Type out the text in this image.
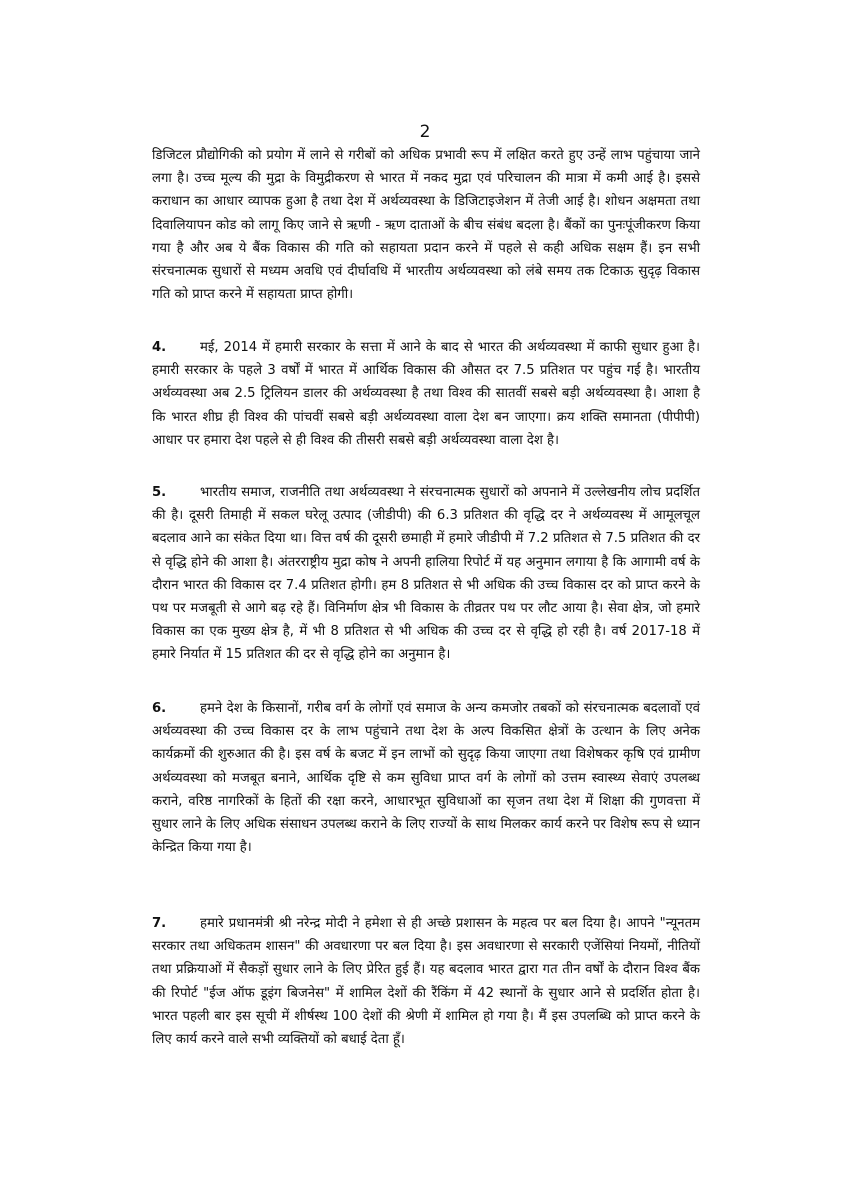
2

डिजिटल प्रौद्योगिकी को प्रयोग में लाने से गरीबों को अधिक प्रभावी रूप में लक्षित करते हुए उन्हें लाभ पहुंचाया जाने लगा है। उच्च मूल्य की मुद्रा के विमुद्रीकरण से भारत में नकद मुद्रा एवं परिचालन की मात्रा में कमी आई है। इससे कराधान का आधार व्यापक हुआ है तथा देश में अर्थव्यवस्था के डिजिटाइजेशन में तेजी आई है। शोधन अक्षमता तथा दिवालियापन कोड को लागू किए जाने से ऋणी - ऋण दाताओं के बीच संबंध बदला है। बैंकों का पुनःपूंजीकरण किया गया है और अब ये बैंक विकास की गति को सहायता प्रदान करने में पहले से कही अधिक सक्षम हैं। इन सभी संरचनात्मक सुधारों से मध्यम अवधि एवं दीर्घावधि में भारतीय अर्थव्यवस्था को लंबे समय तक टिकाऊ सुदृढ़ विकास गति को प्राप्त करने में सहायता प्राप्त होगी।

4.	मई, 2014 में हमारी सरकार के सत्ता में आने के बाद से भारत की अर्थव्यवस्था में काफी सुधार हुआ है। हमारी सरकार के पहले 3 वर्षों में भारत में आर्थिक विकास की औसत दर 7.5 प्रतिशत पर पहुंच गई है। भारतीय अर्थव्यवस्था अब 2.5 ट्रिलियन डालर की अर्थव्यवस्था है तथा विश्व की सातवीं सबसे बड़ी अर्थव्यवस्था है। आशा है कि भारत शीघ्र ही विश्व की पांचवीं सबसे बड़ी अर्थव्यवस्था वाला देश बन जाएगा। क्रय शक्ति समानता (पीपीपी) आधार पर हमारा देश पहले से ही विश्व की तीसरी सबसे बड़ी अर्थव्यवस्था वाला देश है।

5.	भारतीय समाज, राजनीति तथा अर्थव्यवस्था ने संरचनात्मक सुधारों को अपनाने में उल्लेखनीय लोच प्रदर्शित की है। दूसरी तिमाही में सकल घरेलू उत्पाद (जीडीपी) की 6.3 प्रतिशत की वृद्धि दर ने अर्थव्यवस्थ में आमूलचूल बदलाव आने का संकेत दिया था। वित्त वर्ष की दूसरी छमाही में हमारे जीडीपी में 7.2 प्रतिशत से 7.5 प्रतिशत की दर से वृद्धि होने की आशा है। अंतरराष्ट्रीय मुद्रा कोष ने अपनी हालिया रिपोर्ट में यह अनुमान लगाया है कि आगामी वर्ष के दौरान भारत की विकास दर 7.4 प्रतिशत होगी। हम 8 प्रतिशत से भी अधिक की उच्च विकास दर को प्राप्त करने के पथ पर मजबूती से आगे बढ़ रहे हैं। विनिर्माण क्षेत्र भी विकास के तीव्रतर पथ पर लौट आया है। सेवा क्षेत्र, जो हमारे विकास का एक मुख्य क्षेत्र है, में भी 8 प्रतिशत से भी अधिक की उच्च दर से वृद्धि हो रही है। वर्ष 2017-18 में हमारे निर्यात में 15 प्रतिशत की दर से वृद्धि होने का अनुमान है।

6.	हमने देश के किसानों, गरीब वर्ग के लोगों एवं समाज के अन्य कमजोर तबकों को संरचनात्मक बदलावों एवं अर्थव्यवस्था की उच्च विकास दर के लाभ पहुंचाने तथा देश के अल्प विकसित क्षेत्रों के उत्थान के लिए अनेक कार्यक्रमों की शुरुआत की है। इस वर्ष के बजट में इन लाभों को सुदृढ़ किया जाएगा तथा विशेषकर कृषि एवं ग्रामीण अर्थव्यवस्था को मजबूत बनाने, आर्थिक दृष्टि से कम सुविधा प्राप्त वर्ग के लोगों को उत्तम स्वास्थ्य सेवाएं उपलब्ध कराने, वरिष्ठ नागरिकों के हितों की रक्षा करने, आधारभूत सुविधाओं का सृजन तथा देश में शिक्षा की गुणवत्ता में सुधार लाने के लिए अधिक संसाधन उपलब्ध कराने के लिए राज्यों के साथ मिलकर कार्य करने पर विशेष रूप से ध्यान केन्द्रित किया गया है।

7.	हमारे प्रधानमंत्री श्री नरेन्द्र मोदी ने हमेशा से ही अच्छे प्रशासन के महत्व पर बल दिया है। आपने "न्यूनतम सरकार तथा अधिकतम शासन" की अवधारणा पर बल दिया है। इस अवधारणा से सरकारी एजेंसियां नियमों, नीतियों तथा प्रक्रियाओं में सैकड़ों सुधार लाने के लिए प्रेरित हुई हैं। यह बदलाव भारत द्वारा गत तीन वर्षों के दौरान विश्व बैंक की रिपोर्ट "ईज ऑफ डूइंग बिजनेस" में शामिल देशों की रैंकिंग में 42 स्थानों के सुधार आने से प्रदर्शित होता है। भारत पहली बार इस सूची में शीर्षस्थ 100 देशों की श्रेणी में शामिल हो गया है। मैं इस उपलब्धि को प्राप्त करने के लिए कार्य करने वाले सभी व्यक्तियों को बधाई देता हूँ।
